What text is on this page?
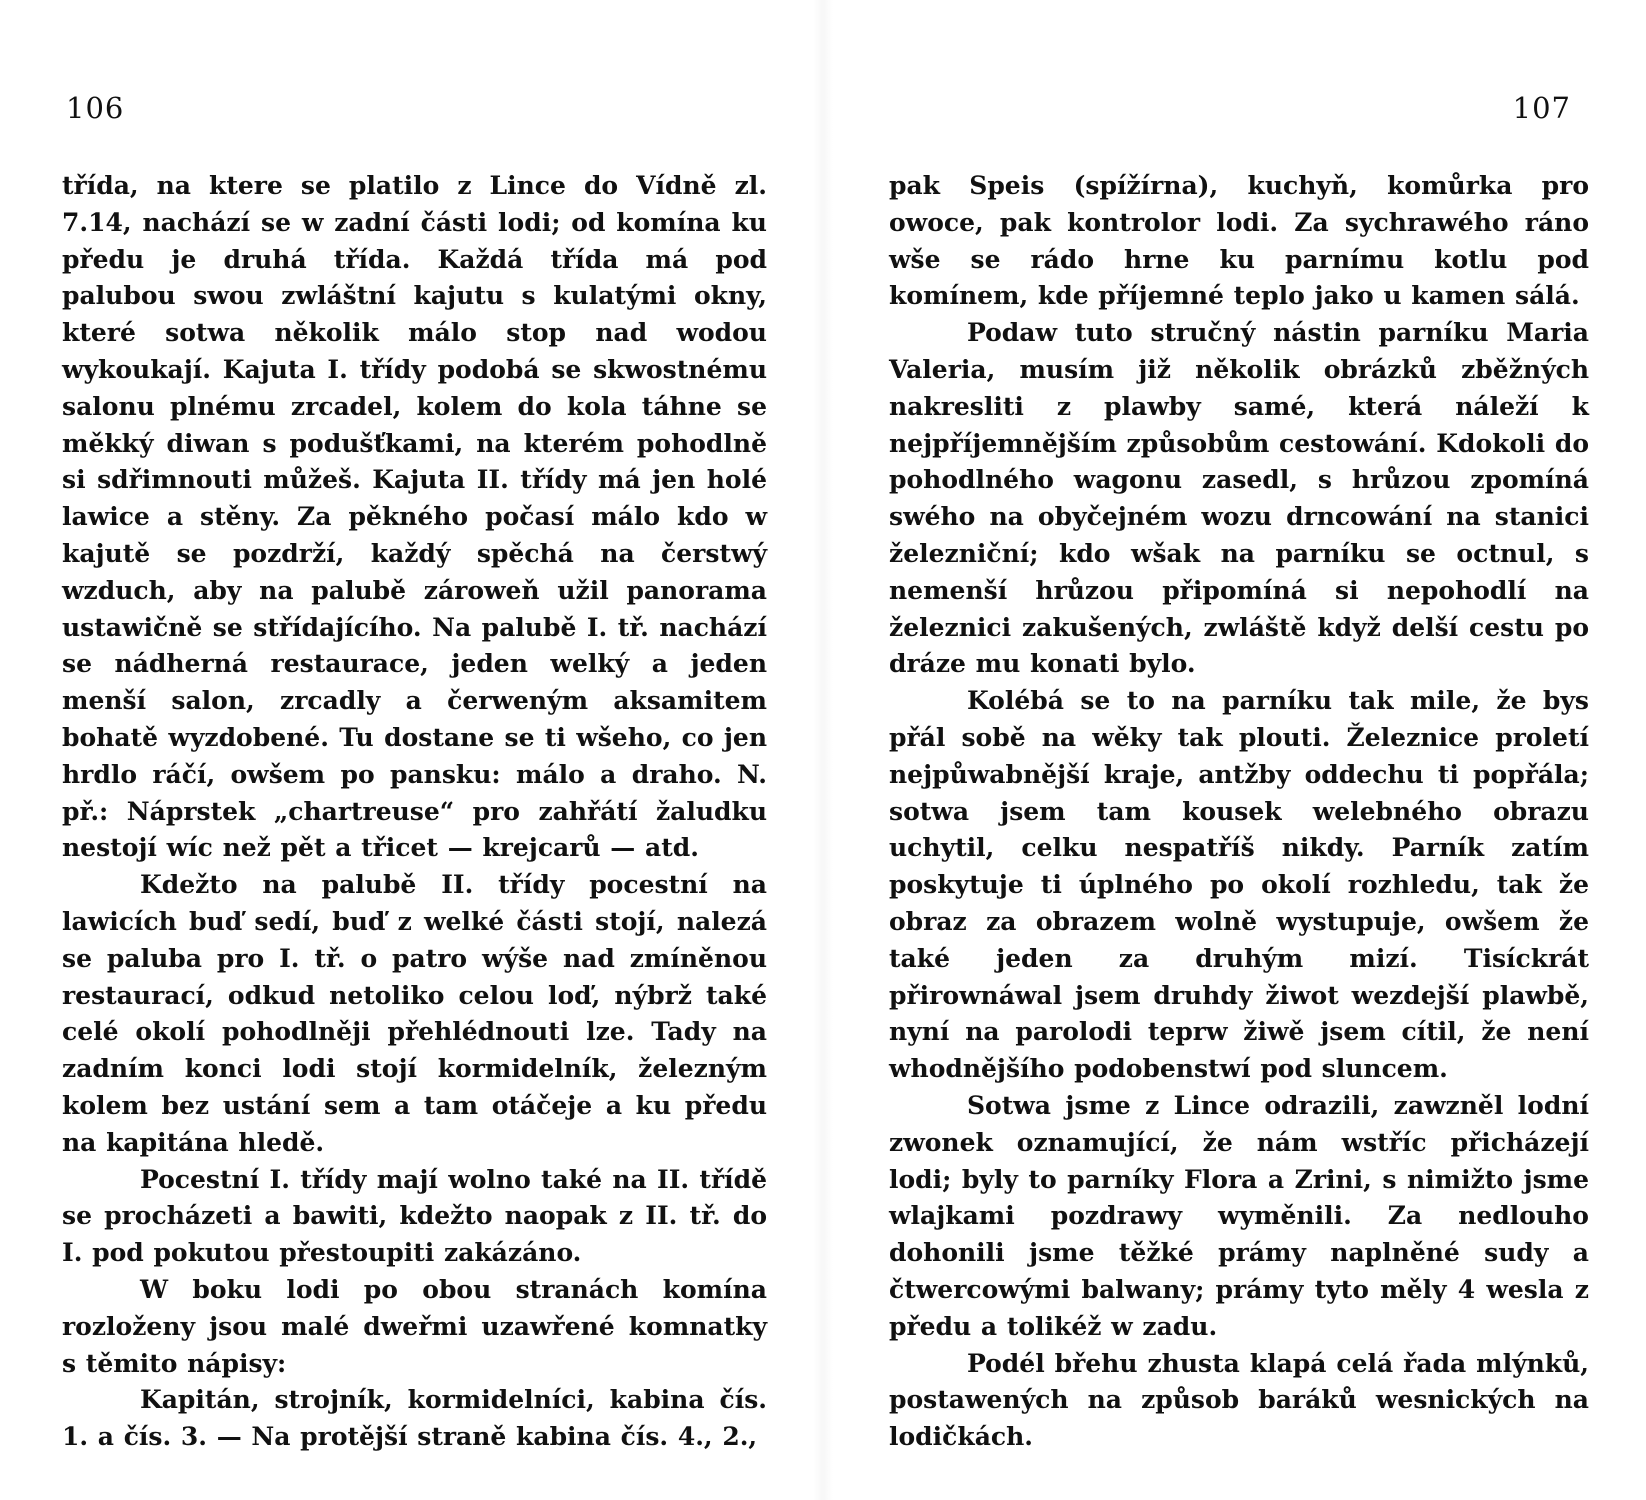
106

třída, na ktere se platilo z Lince do Vídně zl. 7.14, nachází se w zadní části lodi; od komína ku předu je druhá třída. Každá třída má pod palubou swou zwláštní kajutu s kulatými okny, které sotwa několik málo stop nad wodou wykoukají. Kajuta I. třídy podobá se skwostnému salonu plnému zrcadel, kolem do kola táhne se měkký diwan s podušťkami, na kterém pohodlně si sdřimnouti můžeš. Kajuta II. třídy má jen holé lawice a stěny. Za pěkného počasí málo kdo w kajutě se pozdrží, každý spěchá na čerstwý wzduch, aby na palubě zároweň užil panorama ustawičně se střídajícího. Na palubě I. tř. nachází se nádherná restaurace, jeden welký a jeden menší salon, zrcadly a čerweným aksamitem bohatě wyzdobené. Tu dostane se ti wšeho, co jen hrdlo ráčí, owšem po pansku: málo a draho. N. př.: Náprstek „chartreuse“ pro zahřátí žaludku nestojí wíc než pět a třicet — krejcarů — atd.

Kdežto na palubě II. třídy pocestní na lawicích buď sedí, buď z welké části stojí, nalezá se paluba pro I. tř. o patro wýše nad zmíněnou restaurací, odkud netoliko celou loď, nýbrž také celé okolí pohodlněji přehlédnouti lze. Tady na zadním konci lodi stojí kormidelník, železným kolem bez ustání sem a tam otáčeje a ku předu na kapitána hledě.

Pocestní I. třídy mají wolno také na II. třídě se procházeti a bawiti, kdežto naopak z II. tř. do I. pod pokutou přestoupiti zakázáno.

W boku lodi po obou stranách komína rozloženy jsou malé dweřmi uzawřené komnatky s těmito nápisy:

Kapitán, strojník, kormidelníci, kabina čís. 1. a čís. 3. — Na protější straně kabina čís. 4., 2.,

107

pak Speis (spížírna), kuchyň, komůrka pro owoce, pak kontrolor lodi. Za sychrawého ráno wše se rádo hrne ku parnímu kotlu pod komínem, kde příjemné teplo jako u kamen sálá.

Podaw tuto stručný nástin parníku Maria Valeria, musím již několik obrázků zběžných nakresliti z plawby samé, která náleží k nejpříjemnějším způsobům cestowání. Kdokoli do pohodlného wagonu zasedl, s hrůzou zpomíná swého na obyčejném wozu drncowání na stanici železniční; kdo wšak na parníku se octnul, s nemenší hrůzou připomíná si nepohodlí na železnici zakušených, zwláště když delší cestu po dráze mu konati bylo.

Kolébá se to na parníku tak mile, že bys přál sobě na wěky tak plouti. Železnice proletí nejpůwabnější kraje, antžby oddechu ti popřála; sotwa jsem tam kousek welebného obrazu uchytil, celku nespatříš nikdy. Parník zatím poskytuje ti úplného po okolí rozhledu, tak že obraz za obrazem wolně wystupuje, owšem že také jeden za druhým mizí. Tisíckrát přirownáwal jsem druhdy žiwot wezdejší plawbě, nyní na parolodi teprw žiwě jsem cítil, že není whodnějšího podobenstwí pod sluncem.

Sotwa jsme z Lince odrazili, zawzněl lodní zwonek oznamující, že nám wstříc přicházejí lodi; byly to parníky Flora a Zrini, s nimižto jsme wlajkami pozdrawy wyměnili. Za nedlouho dohonili jsme těžké prámy naplněné sudy a čtwercowými balwany; prámy tyto měly 4 wesla z předu a tolikéž w zadu.

Podél břehu zhusta klapá celá řada mlýnků, postawených na způsob baráků wesnických na lodičkách.
